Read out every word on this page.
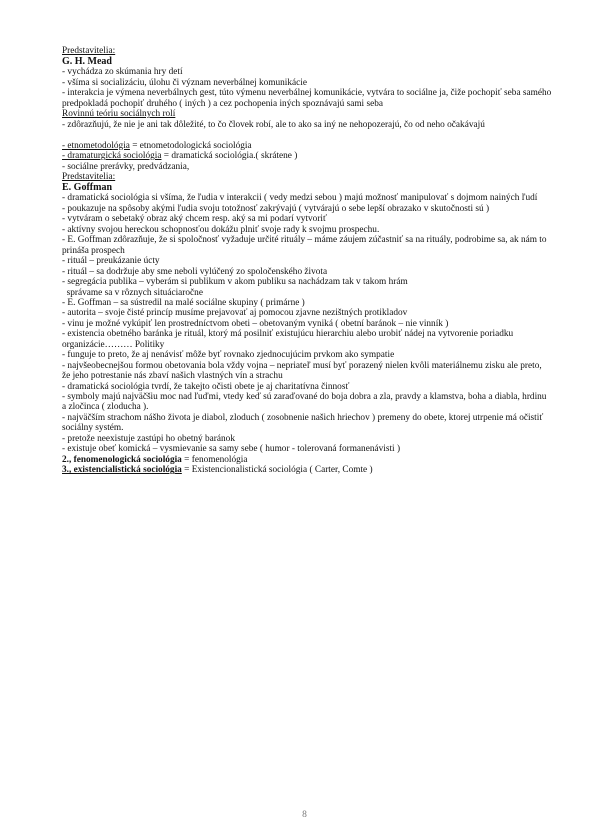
Predstavitelia:
G. H. Mead
- vychádza zo skúmania hry detí
- všíma si socializáciu, úlohu či význam neverbálnej komunikácie
- interakcia je výmena neverbálnych gest, túto výmenu neverbálnej komunikácie, vytvára to sociálne ja, čiže pochopiť seba samého predpokladá pochopiť druhého ( iných ) a cez pochopenia iných spoznávajú sami seba
Rovinnú teóriu sociálnych rolí
- zdôrazňujú, že nie je ani tak dôležité, to čo človek robí, ale to ako sa iný ne nehopozerajú, čo od neho očakávajú
- etnometodológia = etnometodologická sociológia
- dramaturgická sociológia = dramatická sociológia.( skrátene )
- sociálne prerávky, predvádzania,
Predstavitelia:
E. Goffman
- dramatická sociológia si všíma, že ľudia v interakcii ( vedy medzi sebou ) majú možnosť manipulovať s dojmom nainých ľudí
- poukazuje na spôsoby akými ľudia svoju totožnosť zakrývajú ( vytvárajú o sebe lepší obrazako v skutočnosti sú )
- vytváram o sebetaký obraz aký chcem resp. aký sa mi podarí vytvoriť
- aktívny svojou hereckou schopnosťou dokážu plniť svoje rady k svojmu prospechu.
- E. Goffman zdôrazňuje, že si spoločnosť vyžaduje určité rituály – máme záujem zúčastniť sa na rituály, podrobime sa, ak nám to prináša prospech
- rituál – preukázanie úcty
- rituál – sa dodržuje aby sme neboli vylúčený zo spoločenského života
- segregácia publika – vyberám si publikum v akom publiku sa nachádzam tak v takom hrám
správame sa v rôznych situáciaročne
- E. Goffman – sa sústredil na malé sociálne skupiny ( primárne )
- autorita – svoje čisté princíp musíme prejavovať aj pomocou zjavne nezištných protikladov
- vinu je možné vykúpiť len prostredníctvom obeti – obetovaným vyniká ( obetní baránok – nie vinník )
- existencia obetného baránka je rituál, ktorý má posilniť existujúcu hierarchiu alebo urobiť nádej na vytvorenie poriadku organizácie……… Politiky
- funguje to preto, že aj nenávisť môže byť rovnako zjednocujúcim prvkom ako sympatie
- najvšeobecnejšou formou obetovania bola vždy vojna – nepriateľ musí byť porazený nielen kvôli materiálnemu zisku ale preto, že jeho potrestanie nás zbaví našich vlastných vín a strachu
- dramatická sociológia tvrdí, že takejto očisti obete je aj charitatívna činnosť
- symboly majú najväčšiu moc nad ľuďmi, vtedy keď sú zaraďované do boja dobra a zla, pravdy a klamstva, boha a diabla, hrdinu a zločinca ( zloducha ).
- najväčším strachom nášho života je diabol, zloduch ( zosobnenie našich hriechov ) premeny do obete, ktorej utrpenie má očistiť sociálny systém.
- pretože neexistuje zastúpi ho obetný baránok
- existuje obeť komická – vysmievanie sa samy sebe ( humor - tolerovaná formanenávisti )
2., fenomenologická sociológia = fenomenológia
3., existencialistická sociológia = Existencionalistická sociológia ( Carter, Comte )
8
